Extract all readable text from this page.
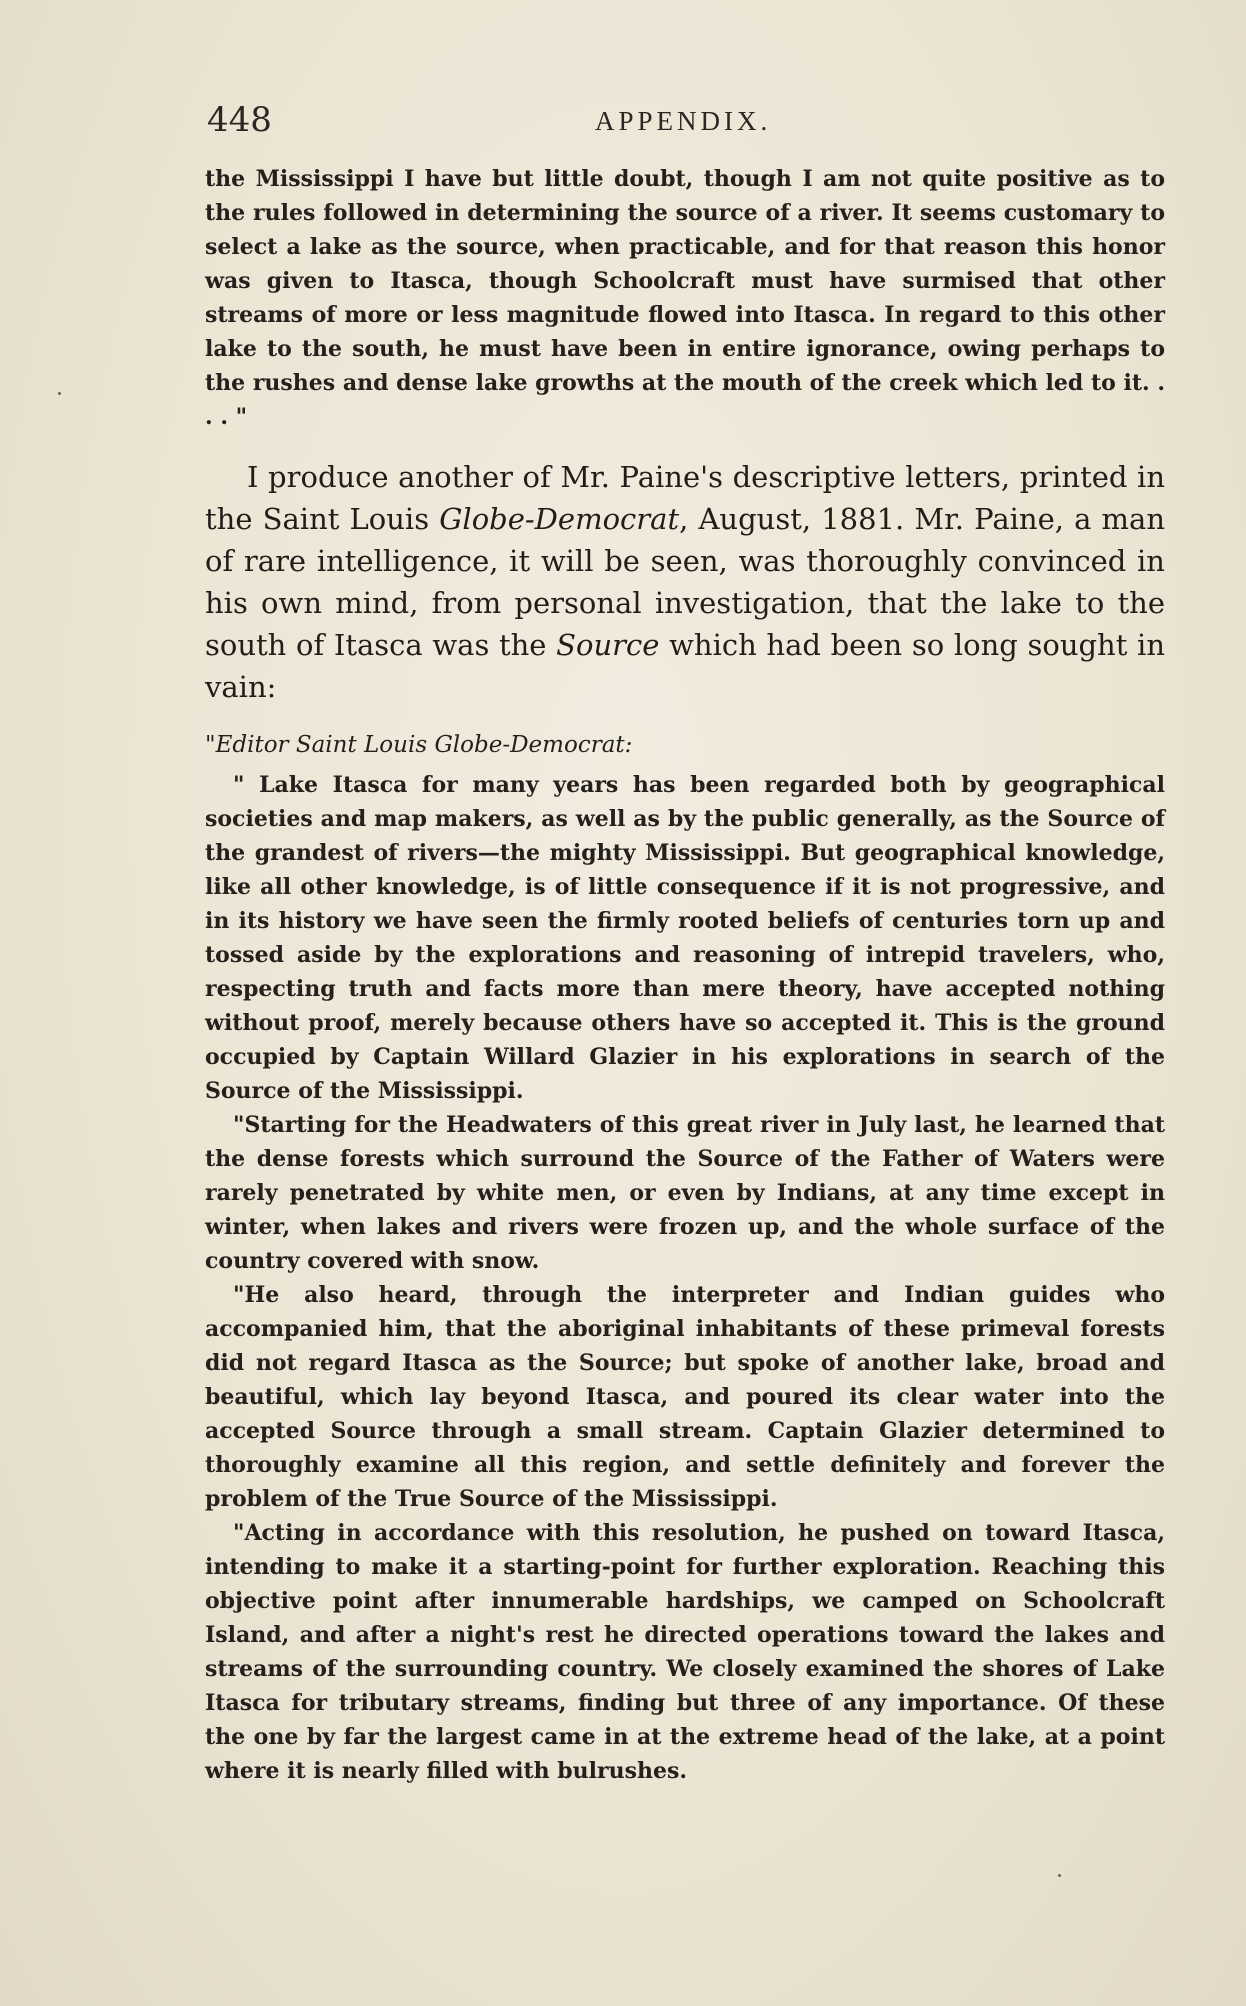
448	APPENDIX.

the Mississippi I have but little doubt, though I am not quite positive as to the rules followed in determining the source of a river. It seems customary to select a lake as the source, when practicable, and for that reason this honor was given to Itasca, though Schoolcraft must have surmised that other streams of more or less magnitude flowed into Itasca. In regard to this other lake to the south, he must have been in entire ignorance, owing perhaps to the rushes and dense lake growths at the mouth of the creek which led to it. . . . "

I produce another of Mr. Paine's descriptive letters, printed in the Saint Louis Globe-Democrat, August, 1881. Mr. Paine, a man of rare intelligence, it will be seen, was thoroughly convinced in his own mind, from personal investigation, that the lake to the south of Itasca was the Source which had been so long sought in vain:

"Editor Saint Louis Globe-Democrat:

" Lake Itasca for many years has been regarded both by geographical societies and map makers, as well as by the public generally, as the Source of the grandest of rivers—the mighty Mississippi. But geographical knowledge, like all other knowledge, is of little consequence if it is not progressive, and in its history we have seen the firmly rooted beliefs of centuries torn up and tossed aside by the explorations and reasoning of intrepid travelers, who, respecting truth and facts more than mere theory, have accepted nothing without proof, merely because others have so accepted it. This is the ground occupied by Captain Willard Glazier in his explorations in search of the Source of the Mississippi.

"Starting for the Headwaters of this great river in July last, he learned that the dense forests which surround the Source of the Father of Waters were rarely penetrated by white men, or even by Indians, at any time except in winter, when lakes and rivers were frozen up, and the whole surface of the country covered with snow.

"He also heard, through the interpreter and Indian guides who accompanied him, that the aboriginal inhabitants of these primeval forests did not regard Itasca as the Source; but spoke of another lake, broad and beautiful, which lay beyond Itasca, and poured its clear water into the accepted Source through a small stream. Captain Glazier determined to thoroughly examine all this region, and settle definitely and forever the problem of the True Source of the Mississippi.

"Acting in accordance with this resolution, he pushed on toward Itasca, intending to make it a starting-point for further exploration. Reaching this objective point after innumerable hardships, we camped on Schoolcraft Island, and after a night's rest he directed operations toward the lakes and streams of the surrounding country. We closely examined the shores of Lake Itasca for tributary streams, finding but three of any importance. Of these the one by far the largest came in at the extreme head of the lake, at a point where it is nearly filled with bulrushes.
